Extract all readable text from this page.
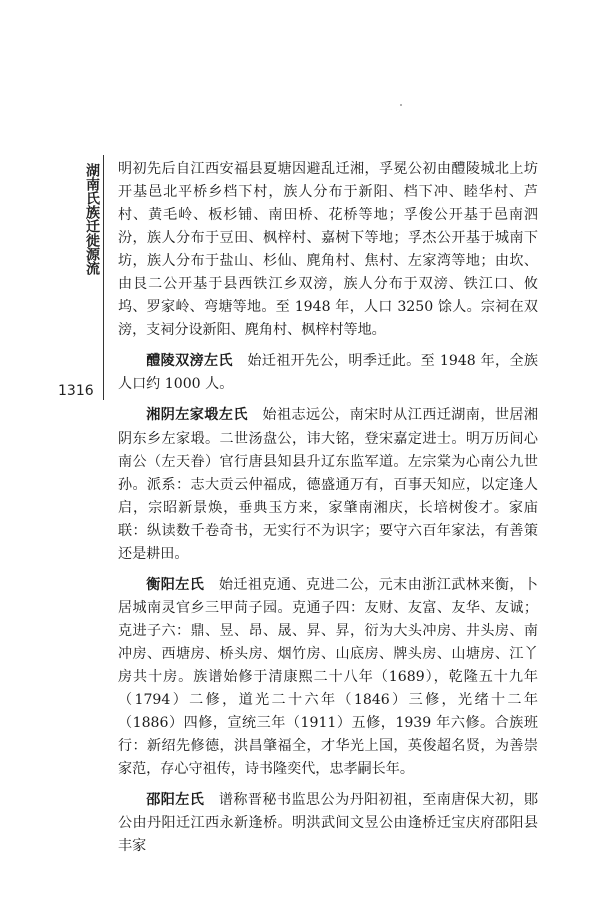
湖南氏族迁徙源流
1316

明初先后自江西安福县夏塘因避乱迁湘，孚冕公初由醴陵城北上坊开基邑北平桥乡档下村，族人分布于新阳、档下冲、睦华村、芦村、黄毛岭、板杉铺、南田桥、花桥等地；孚俊公开基于邑南泗汾，族人分布于豆田、枫梓村、嘉树下等地；孚杰公开基于城南下坊，族人分布于盐山、杉仙、麂角村、焦村、左家湾等地；由坎、由艮二公开基于县西铁江乡双滂，族人分布于双滂、铁江口、攸坞、罗家岭、弯塘等地。至 1948 年，人口 3250 馀人。宗祠在双滂，支祠分设新阳、麂角村、枫梓村等地。

醴陵双滂左氏　 始迁祖开先公，明季迁此。至 1948 年，全族人口约 1000 人。

湘阴左家塅左氏　 始祖志远公，南宋时从江西迁湖南，世居湘阴东乡左家塅。二世汤盘公，讳大铭，登宋嘉定进士。明万历间心南公（左天眷）官行唐县知县升辽东监军道。左宗棠为心南公九世孙。派系：志大贡云仲福成，德盛通万有，百事天知应，以定逢人启，宗昭新景焕，垂典玉方来，家肇南湘庆，长培树俊才。家庙联：纵读数千卷奇书，无实行不为识字；要守六百年家法，有善策还是耕田。

衡阳左氏　 始迁祖克通、克进二公，元末由浙江武林来衡，卜居城南灵官乡三甲苘子园。克通子四：友财、友富、友华、友诚；克进子六：鼎、昱、昂、晟、昇、昇，衍为大头冲房、井头房、南冲房、西塘房、桥头房、烟竹房、山底房、牌头房、山塘房、江丫房共十房。族谱始修于清康熙二十八年（1689），乾隆五十九年（1794）二修，道光二十六年（1846）三修，光绪十二年（1886）四修，宣统三年（1911）五修，1939 年六修。合族班行：新绍先修德，洪昌肇福全，才华光上国，英俊超名贤，为善崇家范，存心守祖传，诗书隆奕代，忠孝嗣长年。

邵阳左氏　 谱称晋秘书监思公为丹阳初祖，至南唐保大初，郥公由丹阳迁江西永新逢桥。明洪武间文昱公由逢桥迁宝庆府邵阳县丰家
